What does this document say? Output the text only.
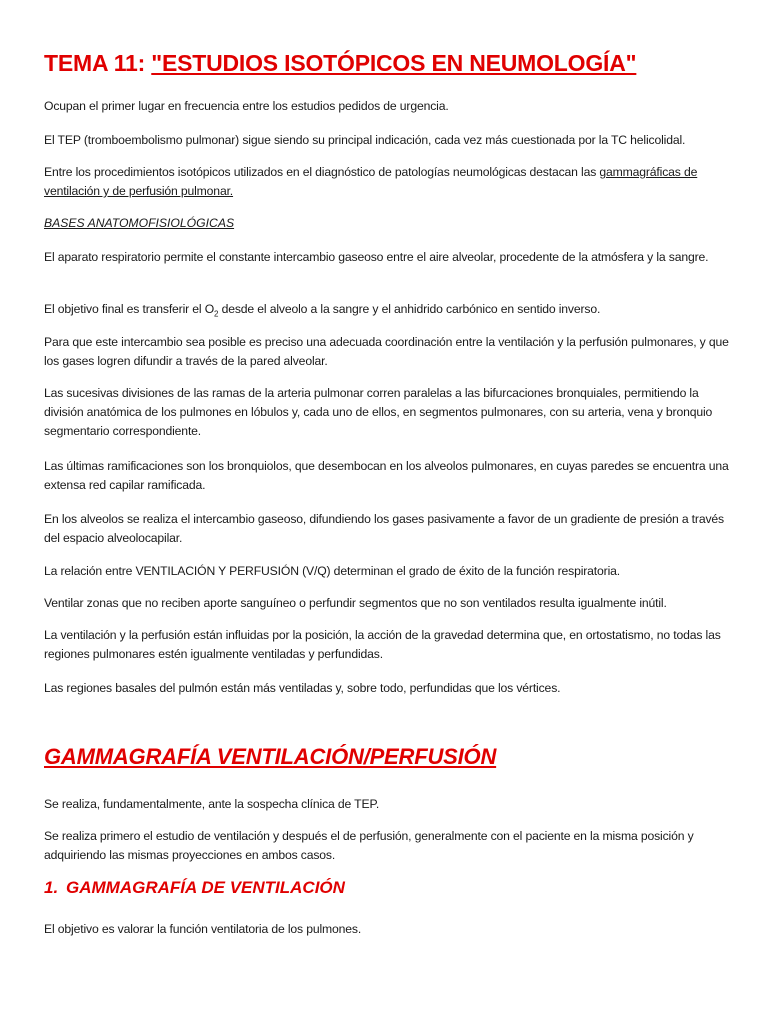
TEMA 11: "ESTUDIOS ISOTÓPICOS EN NEUMOLOGÍA"
Ocupan el primer lugar en frecuencia entre los estudios pedidos de urgencia.
El TEP (tromboembolismo pulmonar) sigue siendo su principal indicación, cada vez más cuestionada por la TC helicolidal.
Entre los procedimientos isotópicos utilizados en el diagnóstico de patologías neumológicas destacan las gammagráficas de ventilación y de perfusión pulmonar.
BASES ANATOMOFISIOLÓGICAS
El aparato respiratorio permite el constante intercambio gaseoso entre el aire alveolar, procedente de la atmósfera y la sangre.
El objetivo final es transferir el $O_2$ desde el alveolo a la sangre y el anhidrido carbónico en sentido inverso.
Para que este intercambio sea posible es preciso una adecuada coordinación entre la ventilación y la perfusión pulmonares, y que los gases logren difundir a través de la pared alveolar.
Las sucesivas divisiones de las ramas de la arteria pulmonar corren paralelas a las bifurcaciones bronquiales, permitiendo la división anatómica de los pulmones en lóbulos y, cada uno de ellos, en segmentos pulmonares, con su arteria, vena y bronquio segmentario correspondiente.
Las últimas ramificaciones son los bronquiolos, que desembocan en los alveolos pulmonares, en cuyas paredes se encuentra una extensa red capilar ramificada.
En los alveolos se realiza el intercambio gaseoso, difundiendo los gases pasivamente a favor de un gradiente de presión a través del espacio alveolocapilar.
La relación entre VENTILACIÓN Y PERFUSIÓN (V/Q) determinan el grado de éxito de la función respiratoria.
Ventilar zonas que no reciben aporte sanguíneo o perfundir segmentos que no son ventilados resulta igualmente inútil.
La ventilación y la perfusión están influidas por la posición, la acción de la gravedad determina que, en ortostatismo, no todas las regiones pulmonares estén igualmente ventiladas y perfundidas.
Las regiones basales del pulmón están más ventiladas y, sobre todo, perfundidas que los vértices.
GAMMAGRAFÍA VENTILACIÓN/PERFUSIÓN
Se realiza, fundamentalmente, ante la sospecha clínica de TEP.
Se realiza primero el estudio de ventilación y después el de perfusión, generalmente con el paciente en la misma posición y adquiriendo las mismas proyecciones en ambos casos.
1. GAMMAGRAFÍA DE VENTILACIÓN
El objetivo es valorar la función ventilatoria de los pulmones.
